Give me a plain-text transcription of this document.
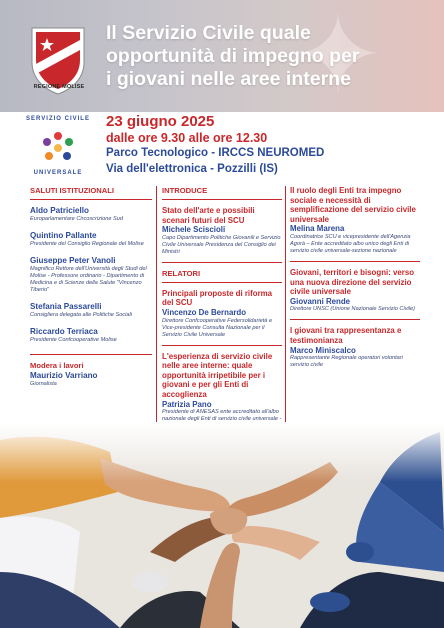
✦
REGIONE MOLISE
Il Servizio Civile quale
opportunità di impegno per
i giovani nelle aree interne
SERVIZIO CIVILE
UNIVERSALE
23 giugno 2025
dalle ore 9.30 alle ore 12.30
Parco Tecnologico - IRCCS NEUROMED
Via dell'elettronica - Pozzilli (IS)
SALUTI ISTITUZIONALI
Aldo Patriciello
Europarlamentare Circoscrizione Sud
Quintino Pallante
Presidente del Consiglio Regionale del Molise
Giuseppe Peter Vanoli
Magnifico Rettore dell'Università degli Studi del Molise - Professore ordinario - Dipartimento di Medicina e di Scienze della Salute "Vincenzo Tiberio"
Stefania Passarelli
Consigliera delegata alle Politiche Sociali
Riccardo Terriaca
Presidente Confcooperative Molise
Modera i lavori
Maurizio Varriano
Giornalista
INTRODUCE
Stato dell'arte e possibili scenari futuri del SCU
Michele Sciscioli
Capo Dipartimento Politiche Giovanili e Servizio Civile Universale Presidenza del Consiglio dei Ministri
RELATORI
Principali proposte di riforma del SCU
Vincenzo De Bernardo
Direttore Confcooperative Federsolidarietà e Vice-presidente Consulta Nazionale per il Servizio Civile Universale
L'esperienza di servizio civile nelle aree interne: quale opportunità irripetibile per i giovani e per gli Enti di accoglienza
Patrizia Pano
Presidente di ANESAS ente accreditato all'albo nazionale degli Enti di servizio civile universale -
Il ruolo degli Enti tra impegno sociale e necessità di semplificazione del servizio civile universale
Melina Marena
Coordinatrice SCU e vicepresidente dell'Agenzia Agorà – Ente accreditato albo unico degli Enti di servizio civile universale-sezione nazionale
Giovani, territori e bisogni: verso una nuova direzione del servizio civile universale
Giovanni Rende
Direttore UNSC (Unione Nazionale Servizio Civile)
I giovani tra rappresentanza e testimonianza
Marco Miniscalco
Rappresentante Regionale operatori volontari servizio civile
